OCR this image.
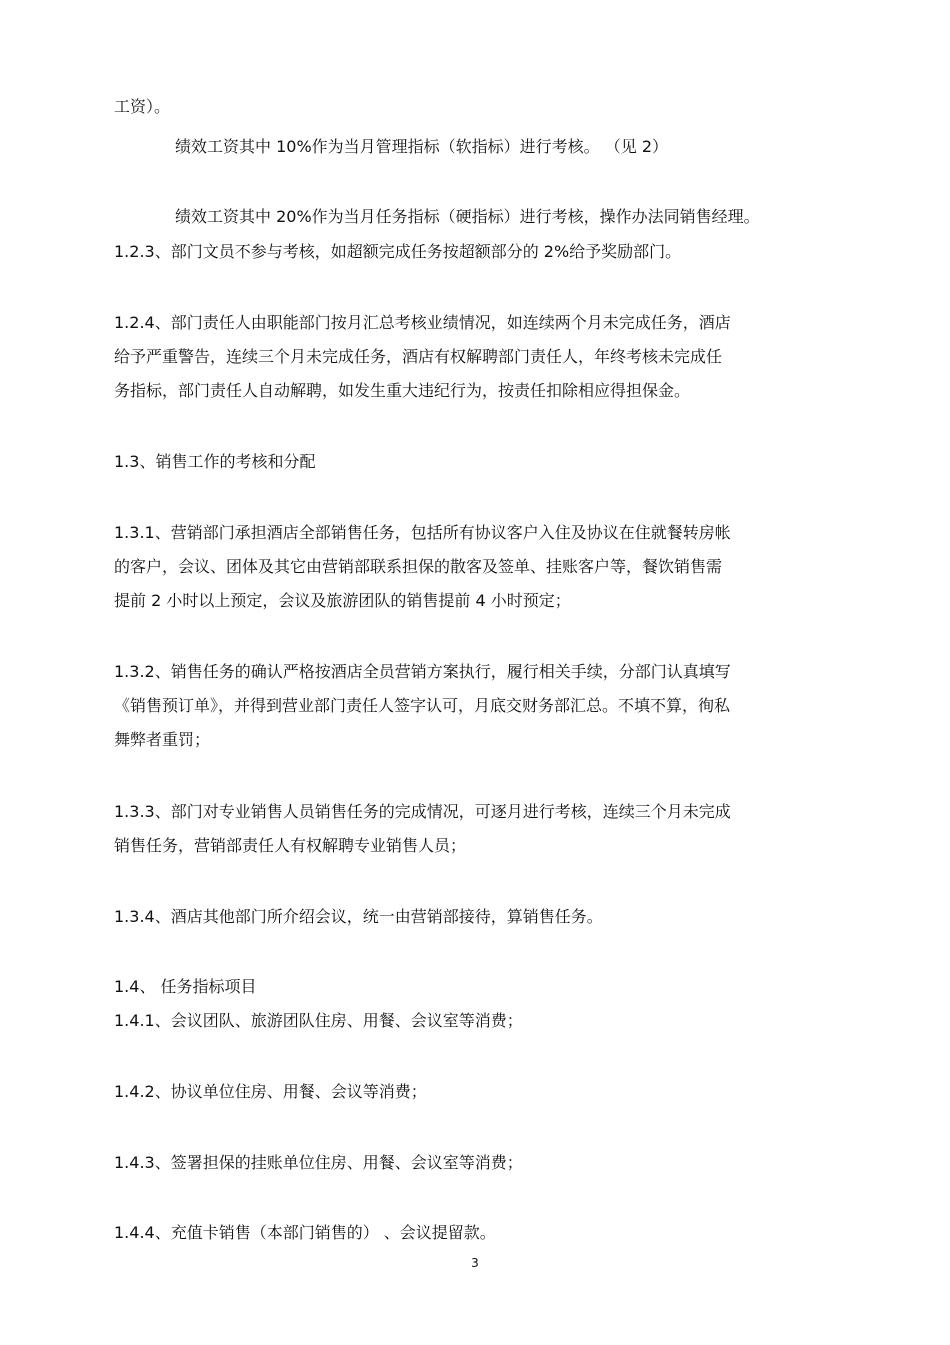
工资）。
绩效工资其中 10%作为当月管理指标（软指标）进行考核。 （见 2）
绩效工资其中 20%作为当月任务指标（硬指标）进行考核，操作办法同销售经理。
1.2.3、部门文员不参与考核，如超额完成任务按超额部分的 2%给予奖励部门。
1.2.4、部门责任人由职能部门按月汇总考核业绩情况，如连续两个月未完成任务，酒店
给予严重警告，连续三个月未完成任务，酒店有权解聘部门责任人，年终考核未完成任
务指标，部门责任人自动解聘，如发生重大违纪行为，按责任扣除相应得担保金。
1.3、销售工作的考核和分配
1.3.1、营销部门承担酒店全部销售任务，包括所有协议客户入住及协议在住就餐转房帐
的客户，会议、团体及其它由营销部联系担保的散客及签单、挂账客户等，餐饮销售需
提前 2 小时以上预定，会议及旅游团队的销售提前 4 小时预定；
1.3.2、销售任务的确认严格按酒店全员营销方案执行，履行相关手续，分部门认真填写
《销售预订单》，并得到营业部门责任人签字认可，月底交财务部汇总。不填不算，徇私
舞弊者重罚；
1.3.3、部门对专业销售人员销售任务的完成情况，可逐月进行考核，连续三个月未完成
销售任务，营销部责任人有权解聘专业销售人员；
1.3.4、酒店其他部门所介绍会议，统一由营销部接待，算销售任务。
1.4、 任务指标项目
1.4.1、会议团队、旅游团队住房、用餐、会议室等消费；
1.4.2、协议单位住房、用餐、会议等消费；
1.4.3、签署担保的挂账单位住房、用餐、会议室等消费；
1.4.4、充值卡销售（本部门销售的） 、会议提留款。
3
